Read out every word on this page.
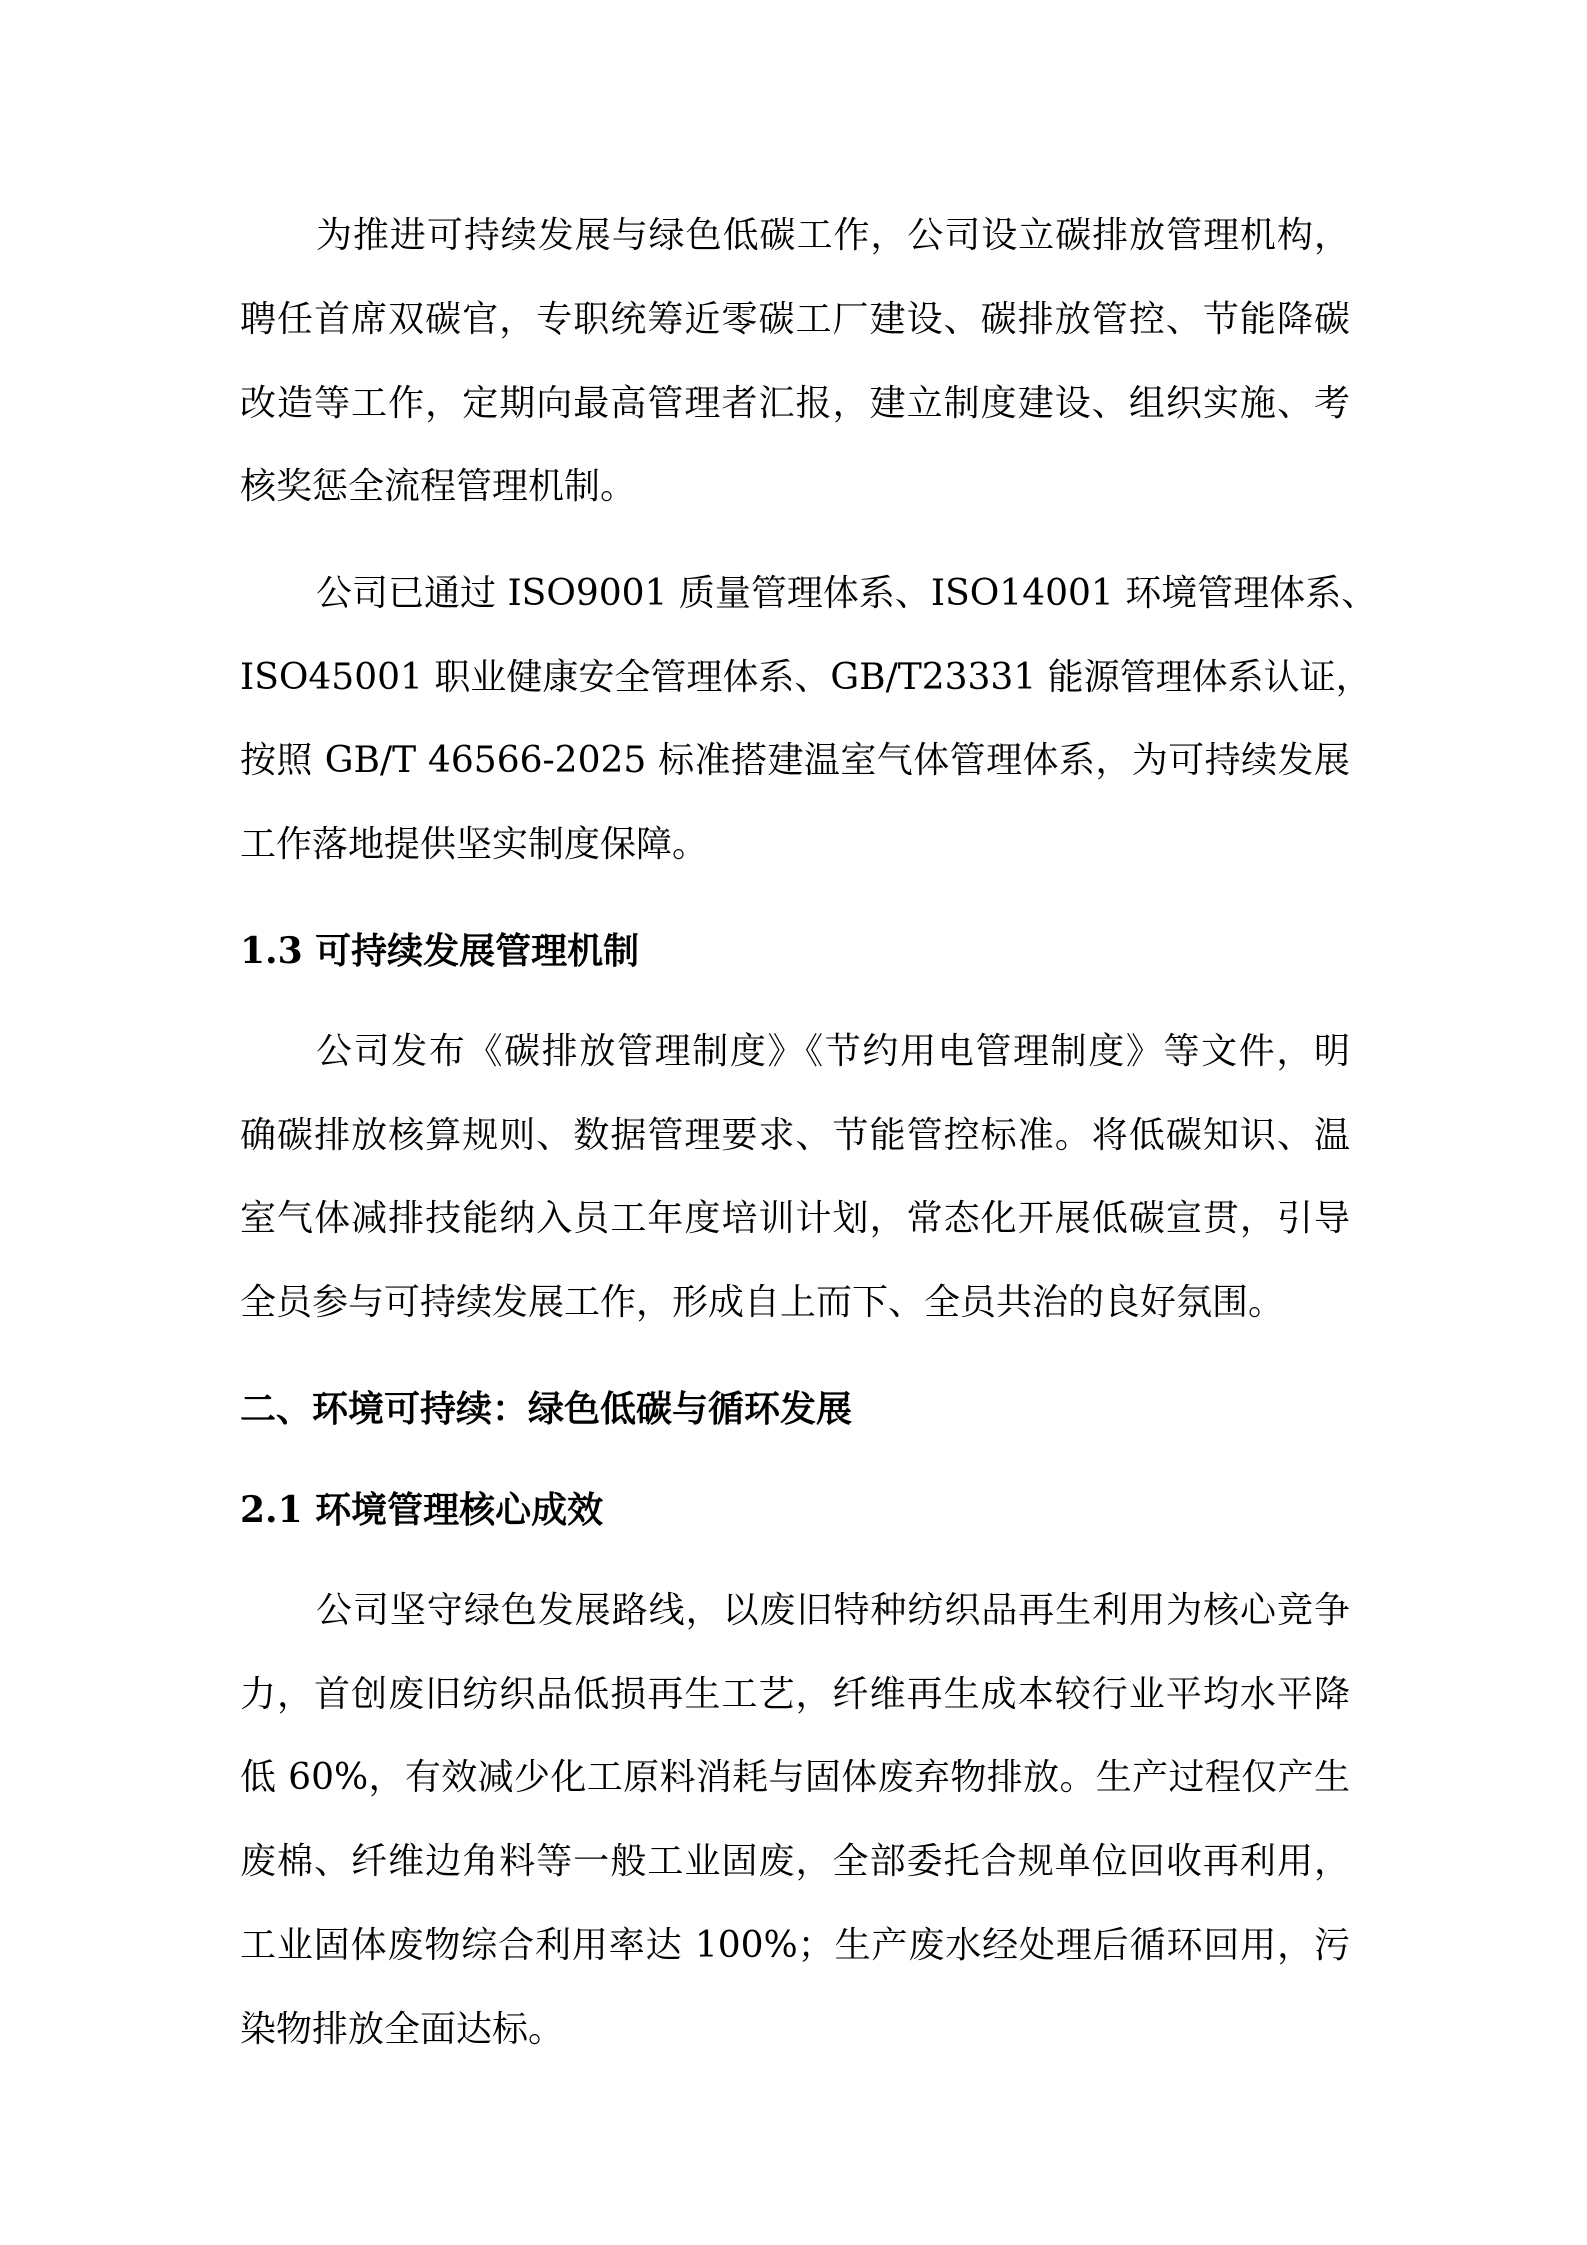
为推进可持续发展与绿色低碳工作，公司设立碳排放管理机构，
聘任首席双碳官，专职统筹近零碳工厂建设、碳排放管控、节能降碳
改造等工作，定期向最高管理者汇报，建立制度建设、组织实施、考
核奖惩全流程管理机制。
公司已通过 ISO9001 质量管理体系、ISO14001 环境管理体系、
ISO45001 职业健康安全管理体系、GB/T23331 能源管理体系认证，
按照 GB/T 46566-2025 标准搭建温室气体管理体系，为可持续发展
工作落地提供坚实制度保障。
1.3 可持续发展管理机制
公司发布《碳排放管理制度》《节约用电管理制度》等文件，明
确碳排放核算规则、数据管理要求、节能管控标准。将低碳知识、温
室气体减排技能纳入员工年度培训计划，常态化开展低碳宣贯，引导
全员参与可持续发展工作，形成自上而下、全员共治的良好氛围。
二、环境可持续：绿色低碳与循环发展
2.1 环境管理核心成效
公司坚守绿色发展路线，以废旧特种纺织品再生利用为核心竞争
力，首创废旧纺织品低损再生工艺，纤维再生成本较行业平均水平降
低 60%，有效减少化工原料消耗与固体废弃物排放。生产过程仅产生
废棉、纤维边角料等一般工业固废，全部委托合规单位回收再利用，
工业固体废物综合利用率达 100%；生产废水经处理后循环回用，污
染物排放全面达标。
